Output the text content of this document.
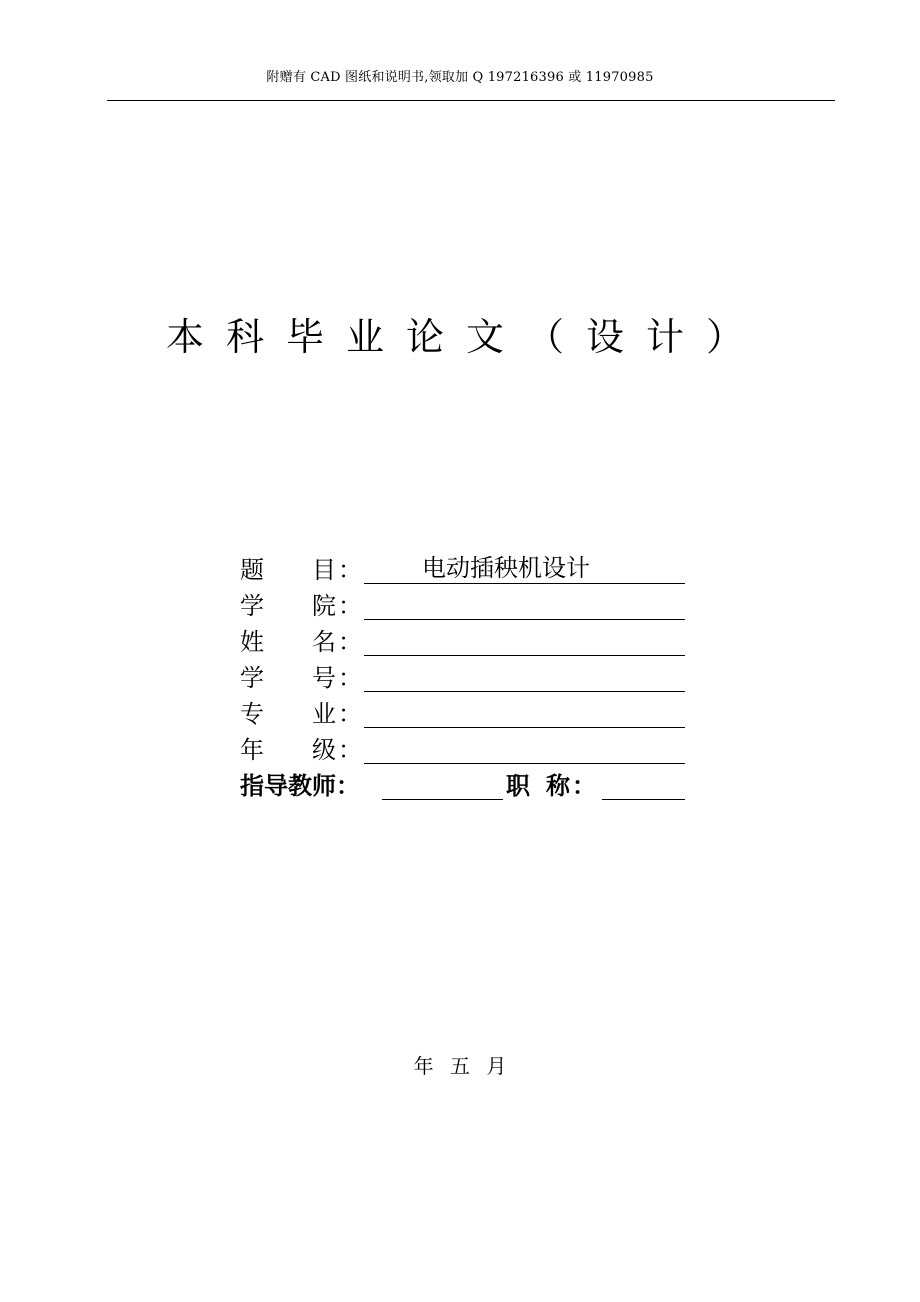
附赠有 CAD 图纸和说明书,领取加 Q 197216396 或 11970985
本科毕业论文（设计）
题 目 ：	电动插秧机设计
学 院 ：
姓 名 ：
学 号 ：
专 业 ：
年 级 ：
指导教师：	职 称 ：
年 五 月
